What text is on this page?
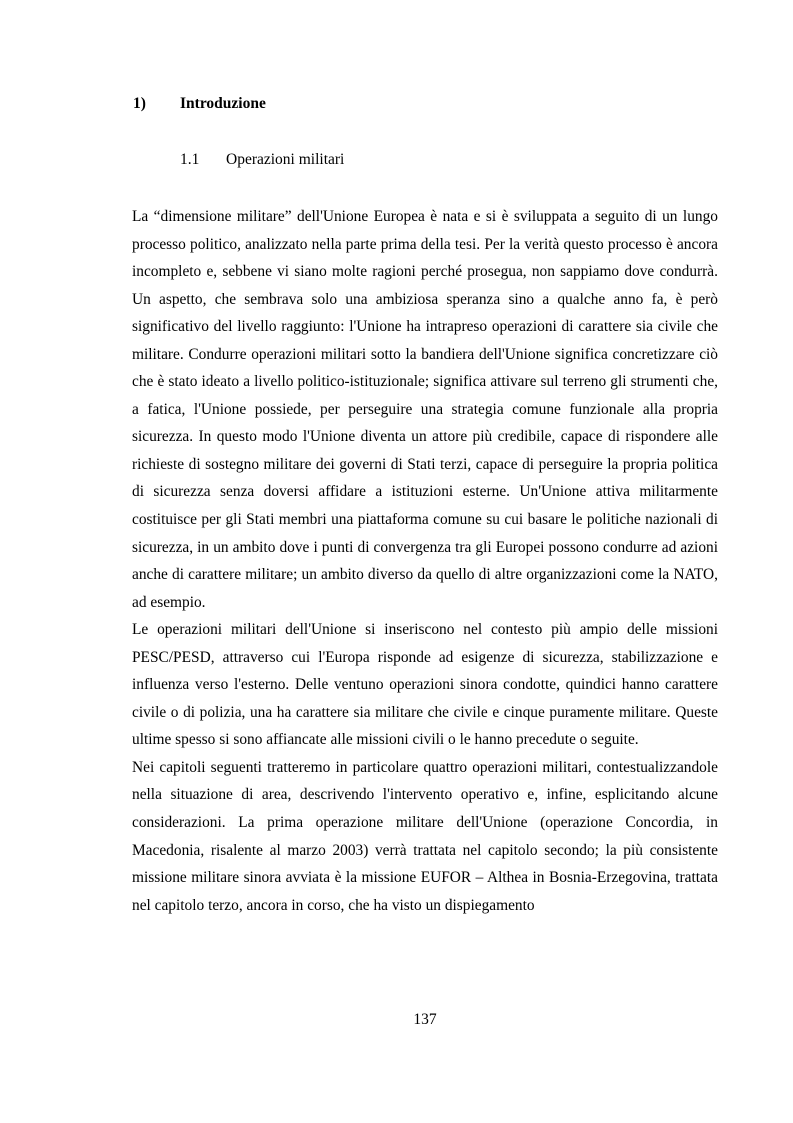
1) Introduzione
1.1 Operazioni militari

La “dimensione militare” dell'Unione Europea è nata e si è sviluppata a seguito di un lungo processo politico, analizzato nella parte prima della tesi. Per la verità questo processo è ancora incompleto e, sebbene vi siano molte ragioni perché prosegua, non sappiamo dove condurrà. Un aspetto, che sembrava solo una ambiziosa speranza sino a qualche anno fa, è però significativo del livello raggiunto: l'Unione ha intrapreso operazioni di carattere sia civile che militare. Condurre operazioni militari sotto la bandiera dell'Unione significa concretizzare ciò che è stato ideato a livello politico-istituzionale; significa attivare sul terreno gli strumenti che, a fatica, l'Unione possiede, per perseguire una strategia comune funzionale alla propria sicurezza. In questo modo l'Unione diventa un attore più credibile, capace di rispondere alle richieste di sostegno militare dei governi di Stati terzi, capace di perseguire la propria politica di sicurezza senza doversi affidare a istituzioni esterne. Un'Unione attiva militarmente costituisce per gli Stati membri una piattaforma comune su cui basare le politiche nazionali di sicurezza, in un ambito dove i punti di convergenza tra gli Europei possono condurre ad azioni anche di carattere militare; un ambito diverso da quello di altre organizzazioni come la NATO, ad esempio.

Le operazioni militari dell'Unione si inseriscono nel contesto più ampio delle missioni PESC/PESD, attraverso cui l'Europa risponde ad esigenze di sicurezza, stabilizzazione e influenza verso l'esterno. Delle ventuno operazioni sinora condotte, quindici hanno carattere civile o di polizia, una ha carattere sia militare che civile e cinque puramente militare. Queste ultime spesso si sono affiancate alle missioni civili o le hanno precedute o seguite.

Nei capitoli seguenti tratteremo in particolare quattro operazioni militari, contestualizzandole nella situazione di area, descrivendo l'intervento operativo e, infine, esplicitando alcune considerazioni. La prima operazione militare dell'Unione (operazione Concordia, in Macedonia, risalente al marzo 2003) verrà trattata nel capitolo secondo; la più consistente missione militare sinora avviata è la missione EUFOR – Althea in Bosnia-Erzegovina, trattata nel capitolo terzo, ancora in corso, che ha visto un dispiegamento

137
